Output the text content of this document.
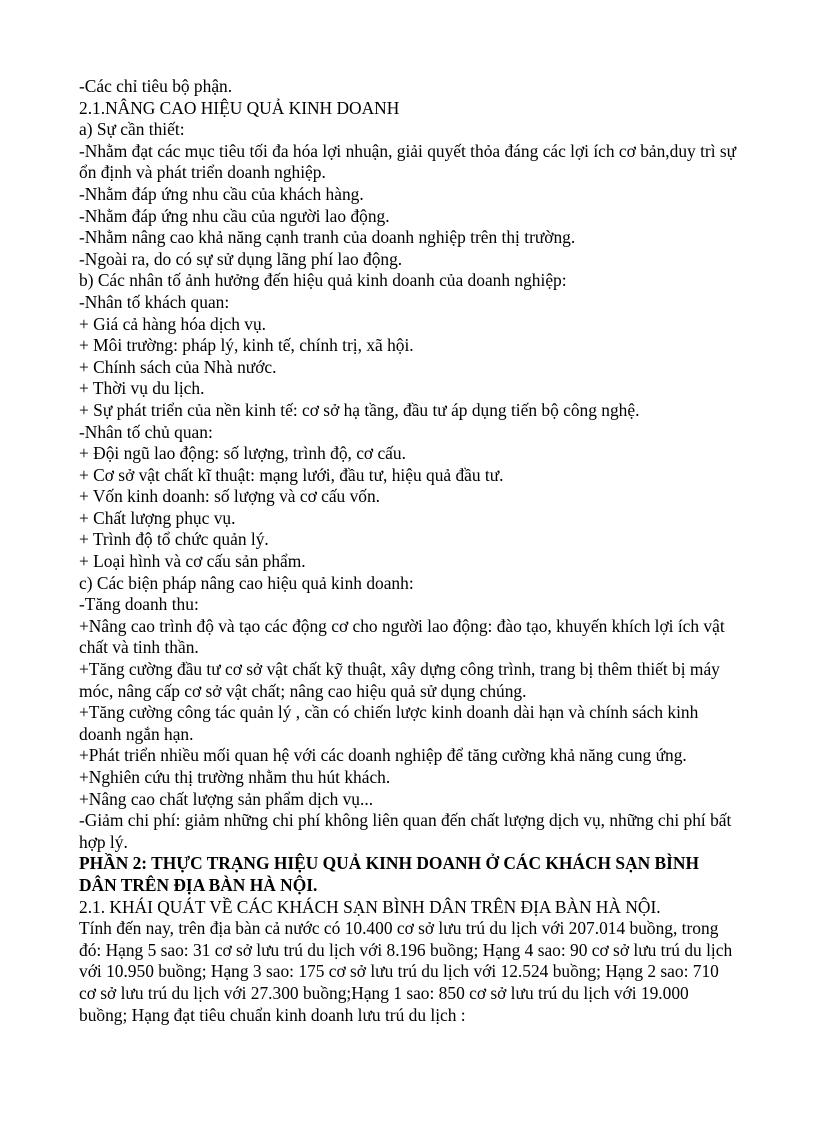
-Các chỉ tiêu bộ phận.

2.1.NÂNG CAO HIỆU QUẢ KINH DOANH

a) Sự cần thiết:

-Nhằm đạt các mục tiêu tối đa hóa lợi nhuận, giải quyết thỏa đáng các lợi ích cơ bản,duy trì sự ổn định và phát triển doanh nghiệp.

-Nhằm đáp ứng nhu cầu của khách hàng.

-Nhằm đáp ứng nhu cầu của người lao động.

-Nhằm nâng cao khả năng cạnh tranh của doanh nghiệp trên thị trường.

-Ngoài ra, do có sự sử dụng lãng phí lao động.

b) Các nhân tố ảnh hưởng đến hiệu quả kinh doanh của doanh nghiệp:

-Nhân tố khách quan:

+ Giá cả hàng hóa dịch vụ.

+ Môi trường: pháp lý, kinh tế, chính trị, xã hội.

+ Chính sách của Nhà nước.

+ Thời vụ du lịch.

+ Sự phát triển của nền kinh tế: cơ sở hạ tầng, đầu tư áp dụng tiến bộ công nghệ.

-Nhân tố chủ quan:

+ Đội ngũ lao động: số lượng, trình độ, cơ cấu.

+ Cơ sở vật chất kĩ thuật: mạng lưới, đầu tư, hiệu quả đầu tư.

+ Vốn kinh doanh: số lượng và cơ cấu vốn.

+ Chất lượng phục vụ.

+ Trình độ tổ chức quản lý.

+ Loại hình và cơ cấu sản phẩm.

c) Các biện pháp nâng cao hiệu quả kinh doanh:

-Tăng doanh thu:

+Nâng cao trình độ và tạo các động cơ cho người lao động: đào tạo, khuyến khích lợi ích vật chất và tinh thần.

+Tăng cường đầu tư cơ sở vật chất kỹ thuật, xây dựng công trình, trang bị thêm thiết bị máy móc, nâng cấp cơ sở vật chất; nâng cao hiệu quả sử dụng chúng.

+Tăng cường công tác quản lý , cần có chiến lược kinh doanh dài hạn và chính sách kinh doanh ngắn hạn.

+Phát triển nhiều mối quan hệ với các doanh nghiệp để tăng cường khả năng cung ứng.

+Nghiên cứu thị trường nhằm thu hút khách.

+Nâng cao chất lượng sản phẩm dịch vụ...

-Giảm chi phí: giảm những chi phí không liên quan đến chất lượng dịch vụ, những chi phí bất hợp lý.

PHẦN 2: THỰC TRẠNG HIỆU QUẢ KINH DOANH Ở CÁC KHÁCH SẠN BÌNH DÂN TRÊN ĐỊA BÀN HÀ NỘI.

2.1. KHÁI QUÁT VỀ CÁC KHÁCH SẠN BÌNH DÂN TRÊN ĐỊA BÀN HÀ NỘI.

Tính đến nay, trên địa bàn cả nước có 10.400 cơ sở lưu trú du lịch với 207.014 buồng, trong đó: Hạng 5 sao: 31 cơ sở lưu trú du lịch với 8.196 buồng; Hạng 4 sao: 90 cơ sở lưu trú du lịch với 10.950 buồng; Hạng 3 sao: 175 cơ sở lưu trú du lịch với 12.524 buồng; Hạng 2 sao: 710 cơ sở lưu trú du lịch với 27.300 buồng;Hạng 1 sao: 850 cơ sở lưu trú du lịch với 19.000 buồng; Hạng đạt tiêu chuẩn kinh doanh lưu trú du lịch :
